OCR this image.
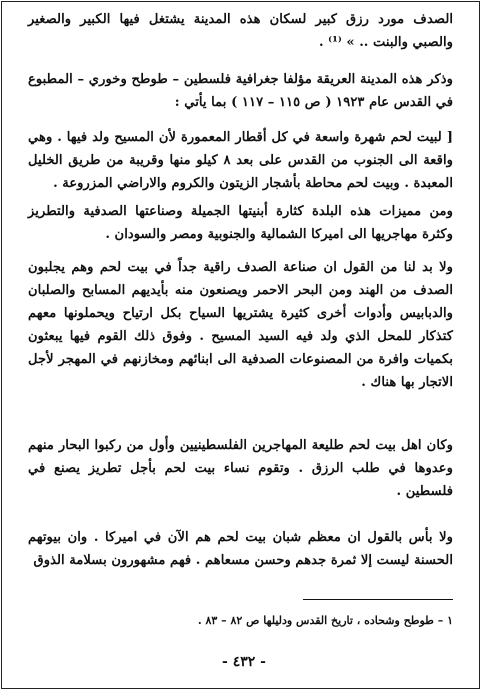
الصدف مورد رزق كبير لسكان هذه المدينة يشتغل فيها الكبير والصغير والصبي والبنت .. » ⁽¹⁾ .
وذكر هذه المدينة العريقة مؤلفا جغرافية فلسطين – طوطح وخوري – المطبوع في القدس عام ١٩٢٣ ( ص ١١٥ – ١١٧ ) بما يأتي :
[ لبيت لحم شهرة واسعة في كل أقطار المعمورة لأن المسيح ولد فيها . وهي واقعة الى الجنوب من القدس على بعد ٨ كيلو منها وقريبة من طريق الخليل المعبدة . وبيت لحم محاطة بأشجار الزيتون والكروم والاراضي المزروعة .
ومن مميزات هذه البلدة كثارة أبنيتها الجميلة وصناعتها الصدفية والتطريز وكثرة مهاجريها الى اميركا الشمالية والجنوبية ومصر والسودان .
ولا بد لنا من القول ان صناعة الصدف راقية جداً في بيت لحم وهم يجلبون الصدف من الهند ومن البحر الاحمر ويصنعون منه بأيديهم المسابح والصلبان والدبابيس وأدوات أخرى كثيرة يشتريها السياح بكل ارتياح ويحملونها معهم كتذكار للمحل الذي ولد فيه السيد المسيح . وفوق ذلك القوم فيها يبعثون بكميات وافرة من المصنوعات الصدفية الى ابنائهم ومخازنهم في المهجر لأجل الاتجار بها هناك .
وكان اهل بيت لحم طليعة المهاجرين الفلسطينيين وأول من ركبوا البحار منهم وعدوها في طلب الرزق . وتقوم نساء بيت لحم بأجل تطريز يصنع في فلسطين .
ولا بأس بالقول ان معظم شبان بيت لحم هم الآن في اميركا . وان بيوتهم الحسنة ليست إلا ثمرة جدهم وحسن مسعاهم . فهم مشهورون بسلامة الذوق
١ – طوطح وشحاده ، تاريخ القدس ودليلها ص ٨٢ – ٨٣ .
- ٤٣٢ -
